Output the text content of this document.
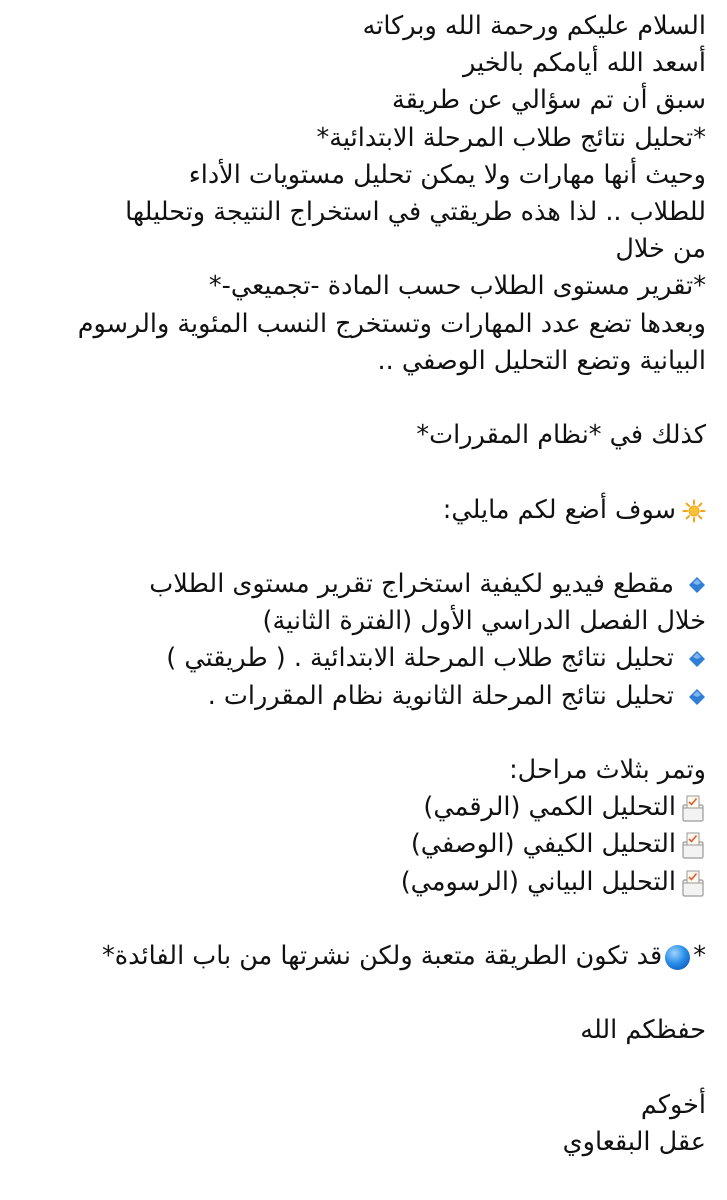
السلام عليكم ورحمة الله وبركاته
أسعد الله أيامكم بالخير
سبق أن تم سؤالي عن طريقة
*تحليل نتائج طلاب المرحلة الابتدائية*
وحيث أنها مهارات ولا يمكن تحليل مستويات الأداء
للطلاب .. لذا هذه طريقتي في استخراج النتيجة وتحليلها
من خلال
*تقرير مستوى الطلاب حسب المادة -تجميعي-*
وبعدها تضع عدد المهارات وتستخرج النسب المئوية والرسوم
البيانية وتضع التحليل الوصفي ..
كذلك في *نظام المقررات*
سوف أضع لكم مايلي:
مقطع فيديو لكيفية استخراج تقرير مستوى الطلاب
خلال الفصل الدراسي الأول (الفترة الثانية)
تحليل نتائج طلاب المرحلة الابتدائية . ( طريقتي )
تحليل نتائج المرحلة الثانوية نظام المقررات .
وتمر بثلاث مراحل:
التحليل الكمي (الرقمي)
التحليل الكيفي (الوصفي)
التحليل البياني (الرسومي)
*قد تكون الطريقة متعبة ولكن نشرتها من باب الفائدة*
حفظكم الله
أخوكم
عقل البقعاوي
